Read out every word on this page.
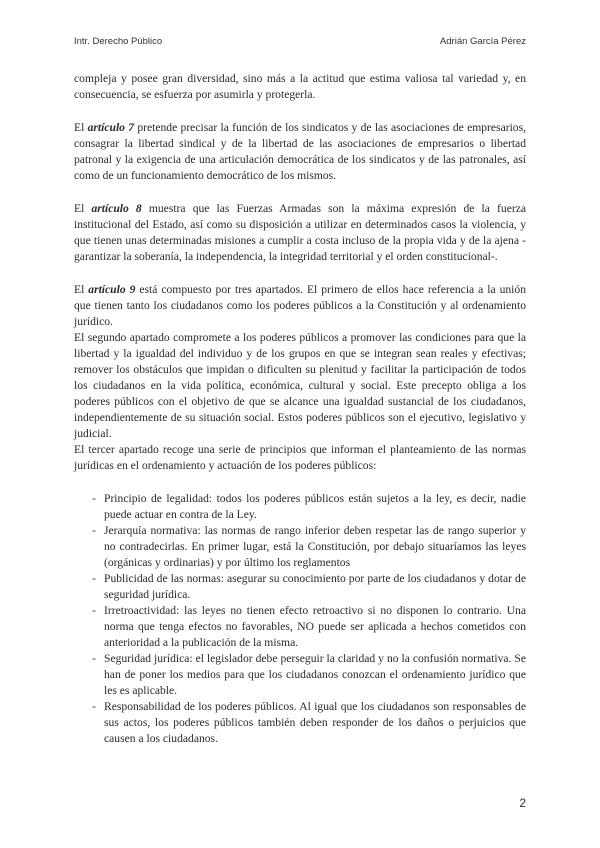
Intr. Derecho Público	Adrián García Pérez

compleja y posee gran diversidad, sino más a la actitud que estima valiosa tal variedad y, en consecuencia, se esfuerza por asumirla y protegerla.

El artículo 7 pretende precisar la función de los sindicatos y de las asociaciones de empresarios, consagrar la libertad sindical y de la libertad de las asociaciones de empresarios o libertad patronal y la exigencia de una articulación democrática de los sindicatos y de las patronales, así como de un funcionamiento democrático de los mismos.

El artículo 8 muestra que las Fuerzas Armadas son la máxima expresión de la fuerza institucional del Estado, así como su disposición a utilizar en determinados casos la violencia, y que tienen unas determinadas misiones a cumplir a costa incluso de la propia vida y de la ajena -garantizar la soberanía, la independencia, la integridad territorial y el orden constitucional-.

El artículo 9 está compuesto por tres apartados. El primero de ellos hace referencia a la unión que tienen tanto los ciudadanos como los poderes públicos a la Constitución y al ordenamiento jurídico.

El segundo apartado compromete a los poderes públicos a promover las condiciones para que la libertad y la igualdad del individuo y de los grupos en que se integran sean reales y efectivas; remover los obstáculos que impidan o dificulten su plenitud y facilitar la participación de todos los ciudadanos en la vida política, económica, cultural y social. Este precepto obliga a los poderes públicos con el objetivo de que se alcance una igualdad sustancial de los ciudadanos, independientemente de su situación social. Estos poderes públicos son el ejecutivo, legislativo y judicial.

El tercer apartado recoge una serie de principios que informan el planteamiento de las normas jurídicas en el ordenamiento y actuación de los poderes públicos:

- Principio de legalidad: todos los poderes públicos están sujetos a la ley, es decir, nadie puede actuar en contra de la Ley.
- Jerarquía normativa: las normas de rango inferior deben respetar las de rango superior y no contradecirlas. En primer lugar, está la Constitución, por debajo situaríamos las leyes (orgánicas y ordinarias) y por último los reglamentos
- Publicidad de las normas: asegurar su conocimiento por parte de los ciudadanos y dotar de seguridad jurídica.
- Irretroactividad: las leyes no tienen efecto retroactivo si no disponen lo contrario. Una norma que tenga efectos no favorables, NO puede ser aplicada a hechos cometidos con anterioridad a la publicación de la misma.
- Seguridad jurídica: el legislador debe perseguir la claridad y no la confusión normativa. Se han de poner los medios para que los ciudadanos conozcan el ordenamiento jurídico que les es aplicable.
- Responsabilidad de los poderes públicos. Al igual que los ciudadanos son responsables de sus actos, los poderes públicos también deben responder de los daños o perjuicios que causen a los ciudadanos.
2
